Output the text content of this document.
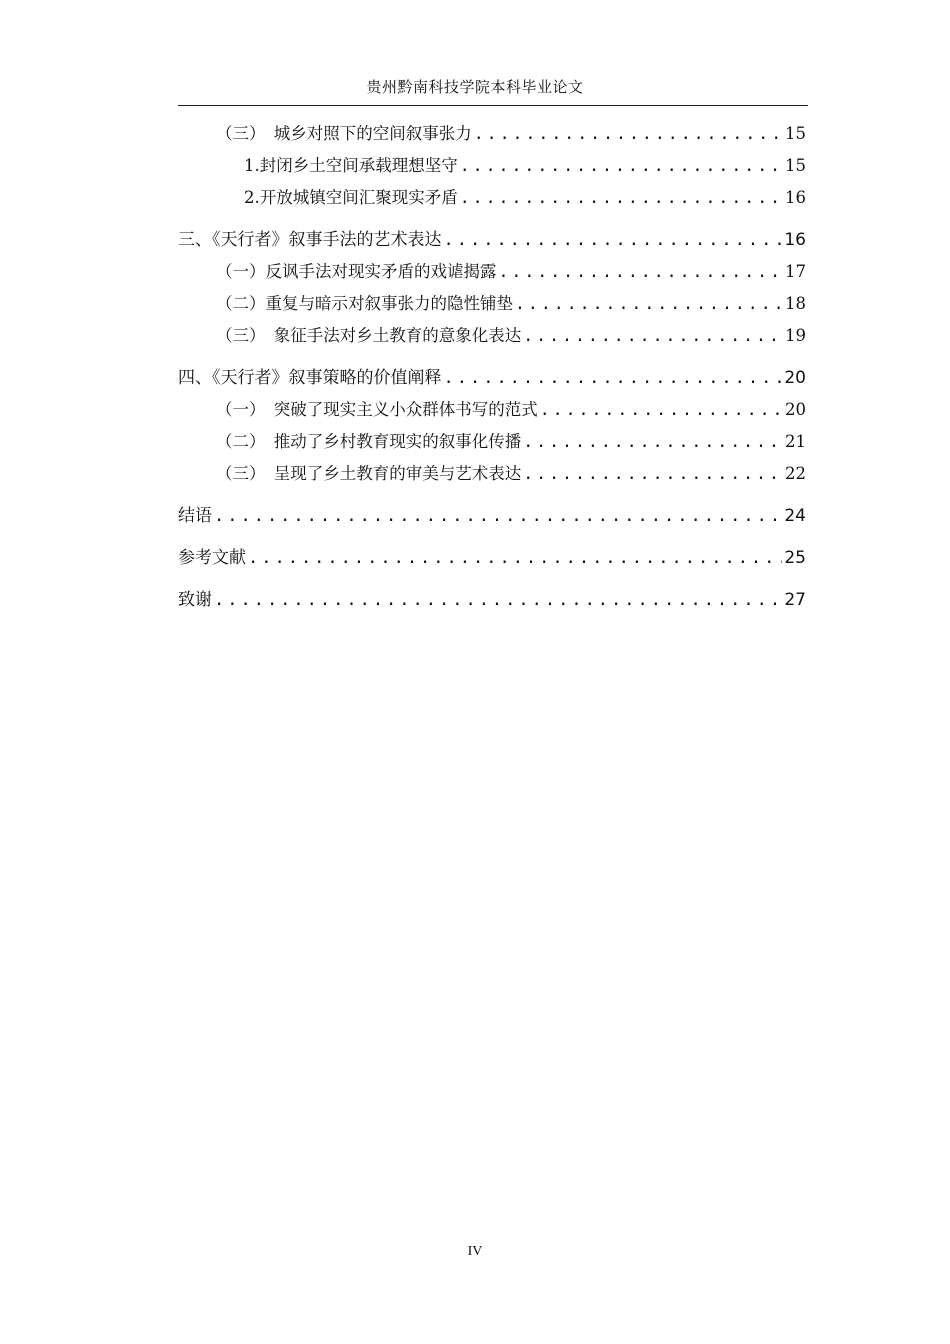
贵州黔南科技学院本科毕业论文
（三）　城乡对照下的空间叙事张力 .....	15
1.封闭乡土空间承载理想坚守 .....	15
2.开放城镇空间汇聚现实矛盾 .....	16
三、《天行者》叙事手法的艺术表达 .....	16
（一）反讽手法对现实矛盾的戏谑揭露 .....	17
（二）重复与暗示对叙事张力的隐性铺垫 .....	18
（三）　象征手法对乡土教育的意象化表达 .....	19
四、《天行者》叙事策略的价值阐释 .....	20
（一）　突破了现实主义小众群体书写的范式 .....	20
（二）　推动了乡村教育现实的叙事化传播 .....	21
（三）　呈现了乡土教育的审美与艺术表达 .....	22
结语 .....	24
参考文献 .....	25
致谢 .....	27
IV
